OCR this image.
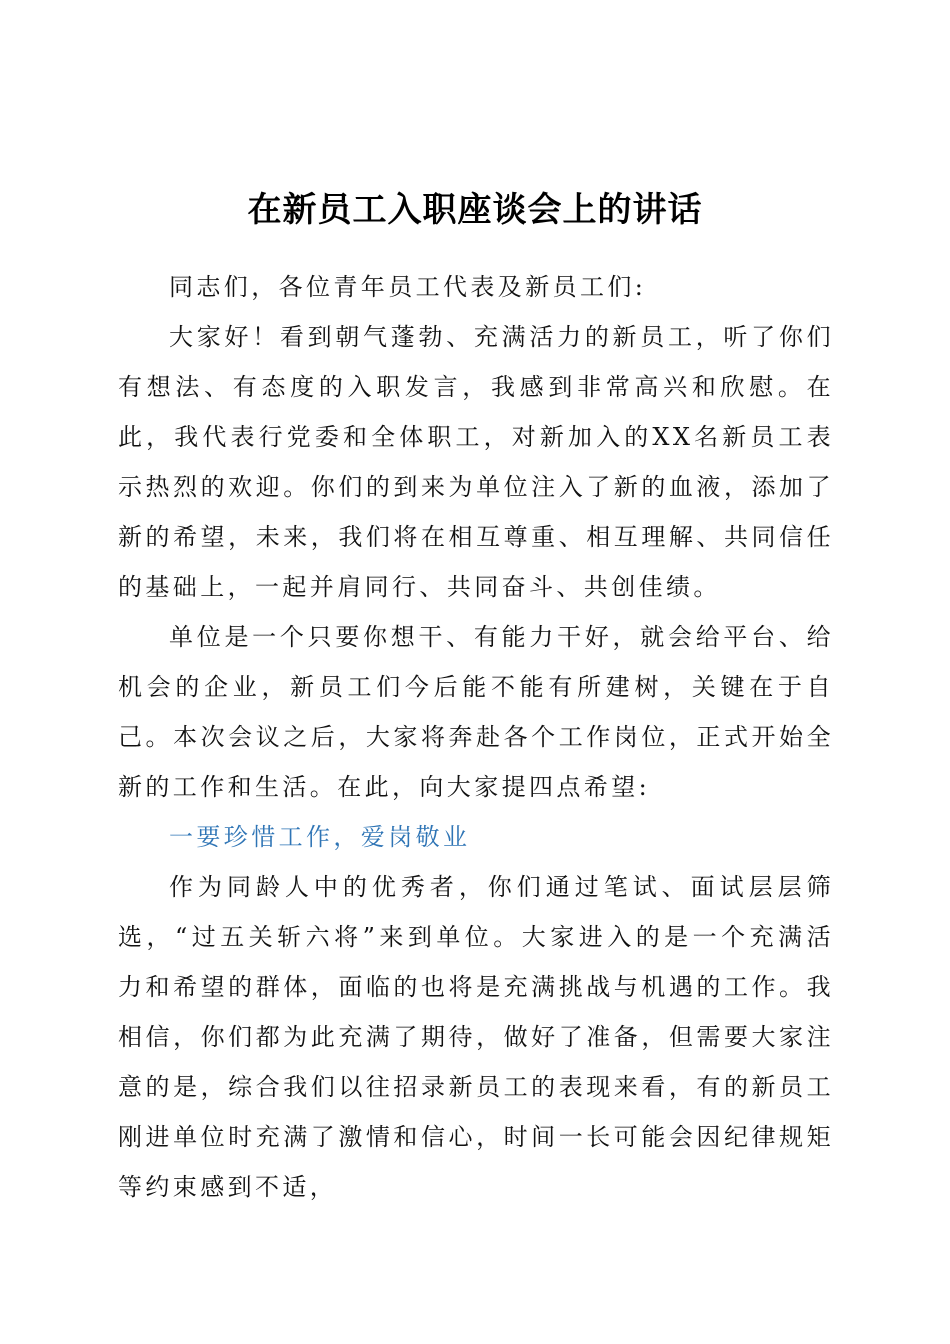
在新员工入职座谈会上的讲话

同志们，各位青年员工代表及新员工们:

大家好！看到朝气蓬勃、充满活力的新员工，听了你们有想法、有态度的入职发言，我感到非常高兴和欣慰。在此，我代表行党委和全体职工，对新加入的XX名新员工表示热烈的欢迎。你们的到来为单位注入了新的血液，添加了新的希望，未来，我们将在相互尊重、相互理解、共同信任的基础上，一起并肩同行、共同奋斗、共创佳绩。

单位是一个只要你想干、有能力干好，就会给平台、给机会的企业，新员工们今后能不能有所建树，关键在于自己。本次会议之后，大家将奔赴各个工作岗位，正式开始全新的工作和生活。在此，向大家提四点希望:

一要珍惜工作，爱岗敬业

作为同龄人中的优秀者，你们通过笔试、面试层层筛选，“过五关斩六将”来到单位。大家进入的是一个充满活力和希望的群体，面临的也将是充满挑战与机遇的工作。我相信，你们都为此充满了期待，做好了准备，但需要大家注意的是，综合我们以往招录新员工的表现来看，有的新员工刚进单位时充满了激情和信心，时间一长可能会因纪律规矩等约束感到不适，
